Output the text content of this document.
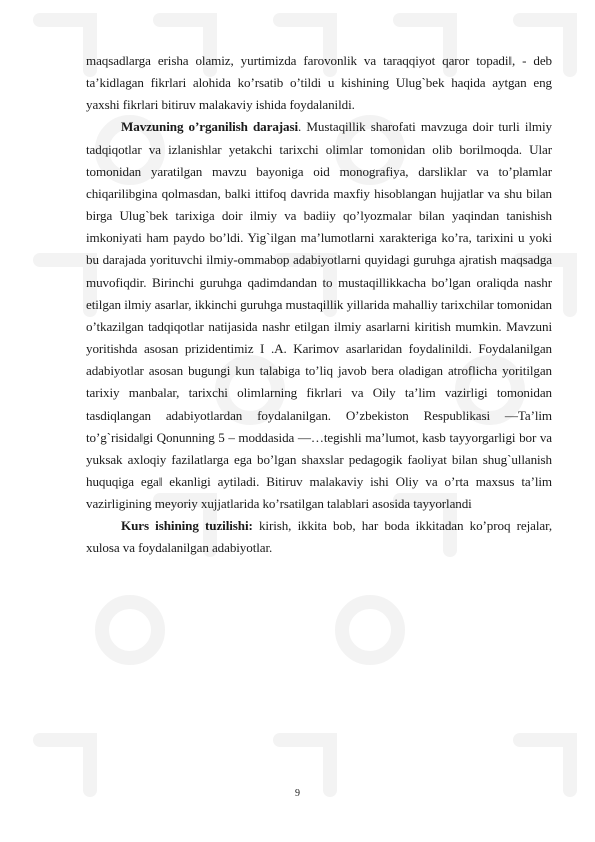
maqsadlarga erisha olamiz, yurtimizda farovonlik va taraqqiyot qaror topadi‖, - deb ta’kidlagan fikrlari alohida ko’rsatib o’tildi u kishining Ulug`bek haqida aytgan eng yaxshi fikrlari bitiruv malakaviy ishida foydalanildi.

Mavzuning o’rganilish darajasi. Mustaqillik sharofati mavzuga doir turli ilmiy tadqiqotlar va izlanishlar yetakchi tarixchi olimlar tomonidan olib borilmoqda. Ular tomonidan yaratilgan mavzu bayoniga oid monografiya, darsliklar va to’plamlar chiqarilibgina qolmasdan, balki ittifoq davrida maxfiy hisoblangan hujjatlar va shu bilan birga Ulug`bek tarixiga doir ilmiy va badiiy qo’lyozmalar bilan yaqindan tanishish imkoniyati ham paydo bo’ldi. Yig`ilgan ma’lumotlarni xarakteriga ko’ra, tarixini u yoki bu darajada yorituvchi ilmiy-ommabop adabiyotlarni quyidagi guruhga ajratish maqsadga muvofiqdir. Birinchi guruhga qadimdandan to mustaqillikkacha bo’lgan oraliqda nashr etilgan ilmiy asarlar, ikkinchi guruhga mustaqillik yillarida mahalliy tarixchilar tomonidan o’tkazilgan tadqiqotlar natijasida nashr etilgan ilmiy asarlarni kiritish mumkin. Mavzuni yoritishda asosan prizidentimiz I .A. Karimov asarlaridan foydalinildi. Foydalanilgan adabiyotlar asosan bugungi kun talabiga to’liq javob bera oladigan atroflicha yoritilgan tarixiy manbalar, tarixchi olimlarning fikrlari va Oily ta’lim vazirligi tomonidan tasdiqlangan adabiyotlardan foydalanilgan. O’zbekiston Respublikasi ―Ta’lim to’g`risida‖gi Qonunning 5 – moddasida ―…tegishli ma’lumot, kasb tayyorgarligi bor va yuksak axloqiy fazilatlarga ega bo’lgan shaxslar pedagogik faoliyat bilan shug`ullanish huquqiga ega‖ ekanligi aytiladi. Bitiruv malakaviy ishi Oliy va o’rta maxsus ta’lim vazirligining meyoriy xujjatlarida ko’rsatilgan talablari asosida tayyorlandi

Kurs ishining tuzilishi: kirish, ikkita bob, har boda ikkitadan ko’proq rejalar, xulosa va foydalanilgan adabiyotlar.

9
